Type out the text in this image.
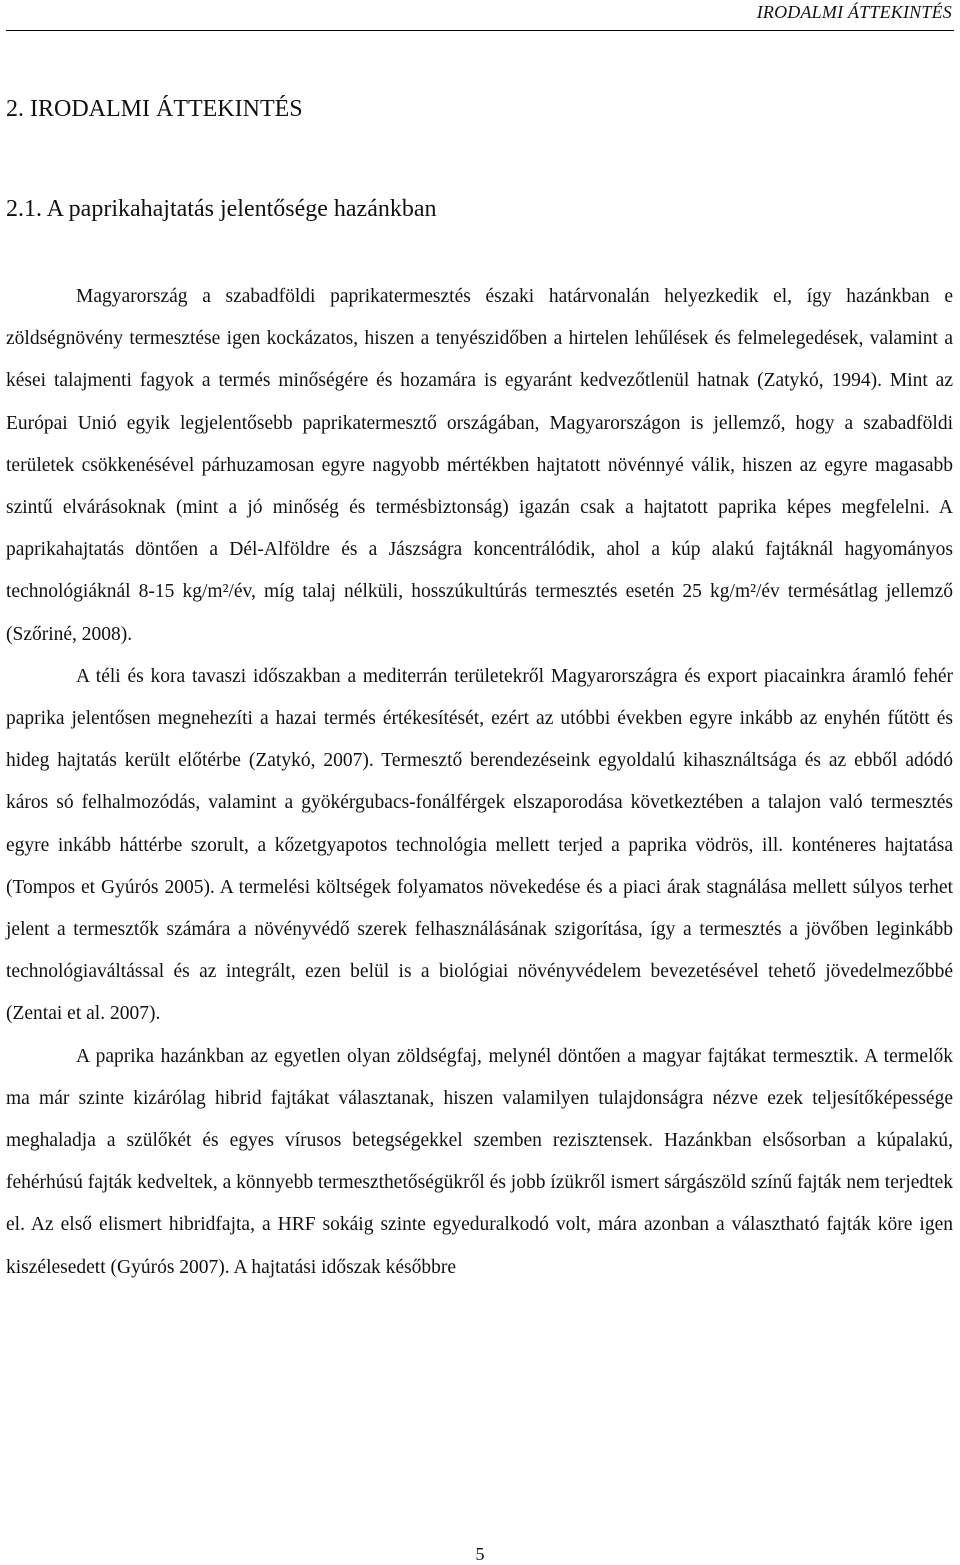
IRODALMI ÁTTEKINTÉS
2. IRODALMI ÁTTEKINTÉS
2.1. A paprikahajtatás jelentősége hazánkban

Magyarország a szabadföldi paprikatermesztés északi határvonalán helyezkedik el, így hazánkban e zöldségnövény termesztése igen kockázatos, hiszen a tenyészidőben a hirtelen lehűlések és felmelegedések, valamint a kései talajmenti fagyok a termés minőségére és hozamára is egyaránt kedvezőtlenül hatnak (Zatykó, 1994). Mint az Európai Unió egyik legjelentősebb paprikatermesztő országában, Magyarországon is jellemző, hogy a szabadföldi területek csökkenésével párhuzamosan egyre nagyobb mértékben hajtatott növénnyé válik, hiszen az egyre magasabb szintű elvárásoknak (mint a jó minőség és termésbiztonság) igazán csak a hajtatott paprika képes megfelelni. A paprikahajtatás döntően a Dél-Alföldre és a Jászságra koncentrálódik, ahol a kúp alakú fajtáknál hagyományos technológiáknál 8-15 kg/m²/év, míg talaj nélküli, hosszúkultúrás termesztés esetén 25 kg/m²/év termésátlag jellemző (Szőriné, 2008).

A téli és kora tavaszi időszakban a mediterrán területekről Magyarországra és export piacainkra áramló fehér paprika jelentősen megnehezíti a hazai termés értékesítését, ezért az utóbbi években egyre inkább az enyhén fűtött és hideg hajtatás került előtérbe (Zatykó, 2007). Termesztő berendezéseink egyoldalú kihasználtsága és az ebből adódó káros só felhalmozódás, valamint a gyökérgubacs-fonálférgek elszaporodása következtében a talajon való termesztés egyre inkább háttérbe szorult, a kőzetgyapotos technológia mellett terjed a paprika vödrös, ill. konténeres hajtatása (Tompos et Gyúrós 2005). A termelési költségek folyamatos növekedése és a piaci árak stagnálása mellett súlyos terhet jelent a termesztők számára a növényvédő szerek felhasználásának szigorítása, így a termesztés a jövőben leginkább technológiaváltással és az integrált, ezen belül is a biológiai növényvédelem bevezetésével tehető jövedelmezőbbé (Zentai et al. 2007).

A paprika hazánkban az egyetlen olyan zöldségfaj, melynél döntően a magyar fajtákat termesztik. A termelők ma már szinte kizárólag hibrid fajtákat választanak, hiszen valamilyen tulajdonságra nézve ezek teljesítőképessége meghaladja a szülőkét és egyes vírusos betegségekkel szemben rezisztensek. Hazánkban elsősorban a kúpalakú, fehérhúsú fajták kedveltek, a könnyebb termeszthetőségükről és jobb ízükről ismert sárgászöld színű fajták nem terjedtek el. Az első elismert hibridfajta, a HRF sokáig szinte egyeduralkodó volt, mára azonban a választható fajták köre igen kiszélesedett (Gyúrós 2007). A hajtatási időszak későbbre

5
